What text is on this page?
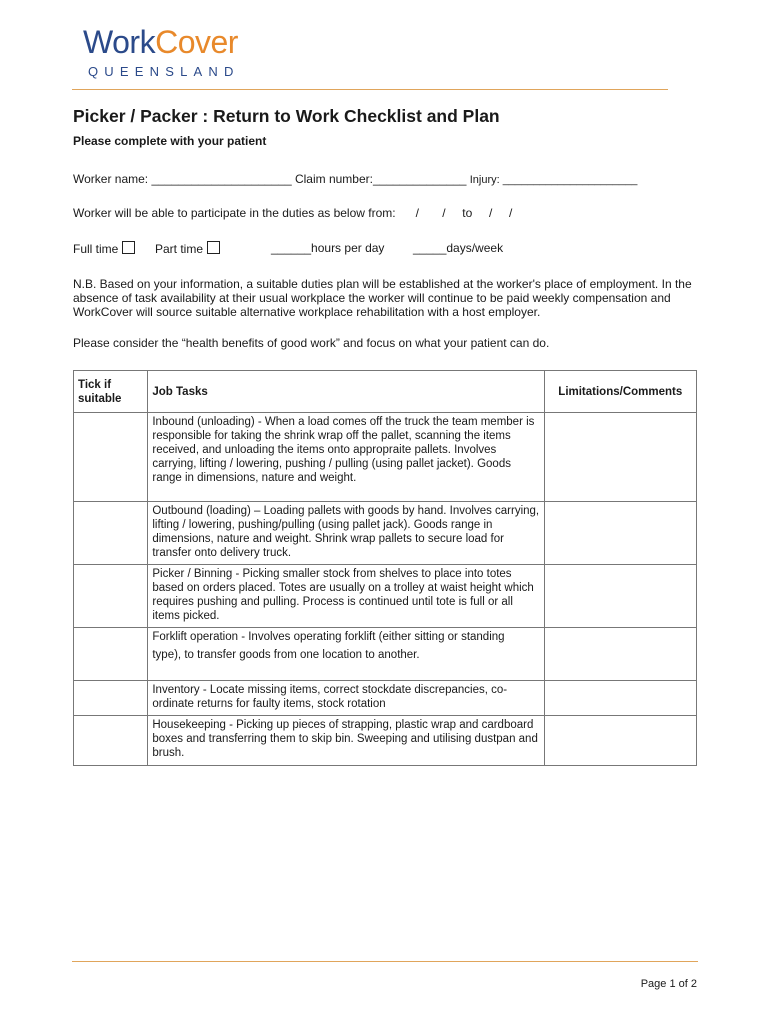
WorkCover
QUEENSLAND
Picker / Packer : Return to Work Checklist and Plan
Please complete with your patient
Worker name: _____________________ Claim number:______________ Injury: ______________________
Worker will be able to participate in the duties as below from:      /       /     to     /     /
Full time	Part time	______hours per day _____days/week
N.B. Based on your information, a suitable duties plan will be established at the worker's place of employment. In the absence of task availability at their usual workplace the worker will continue to be paid weekly compensation and WorkCover will source suitable alternative workplace rehabilitation with a host employer.
Please consider the “health benefits of good work” and focus on what your patient can do.
Tick if suitable	Job Tasks	Limitations/Comments
	Inbound (unloading) - When a load comes off the truck the team member is responsible for taking the shrink wrap off the pallet, scanning the items received, and unloading the items onto appropraite pallets. Involves carrying, lifting / lowering, pushing / pulling (using pallet jacket). Goods range in dimensions, nature and weight.	
	Outbound (loading) – Loading pallets with goods by hand. Involves carrying, lifting / lowering, pushing/pulling (using pallet jack). Goods range in dimensions, nature and weight. Shrink wrap pallets to secure load for transfer onto delivery truck.	
	Picker / Binning - Picking smaller stock from shelves to place into totes based on orders placed. Totes are usually on a trolley at waist height which requires pushing and pulling. Process is continued until tote is full or all items picked.	

	Forklift operation - Involves operating forklift (either sitting or standing
type), to transfer goods from one location to another.	

	Inventory - Locate missing items, correct stockdate discrepancies, co-ordinate returns for faulty items, stock rotation	
	Housekeeping - Picking up pieces of strapping, plastic wrap and cardboard boxes and transferring them to skip bin. Sweeping and utilising dustpan and brush.	
Page 1 of 2
